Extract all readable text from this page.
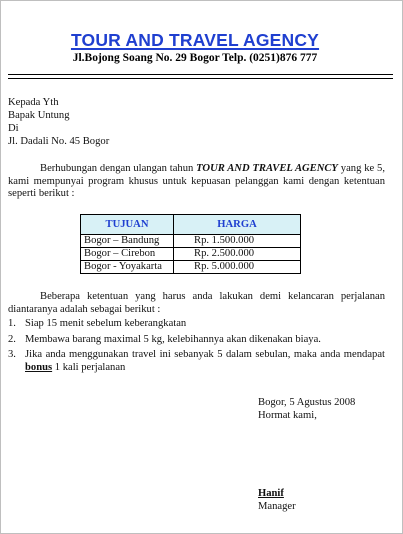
TOUR AND TRAVEL AGENCY
Jl.Bojong Soang No. 29 Bogor Telp. (0251)876 777
Kepada Yth
Bapak Untung
Di
Jl. Dadali No. 45 Bogor
Berhubungan dengan ulangan tahun TOUR AND TRAVEL AGENCY yang ke 5, kami mempunyai program khusus untuk kepuasan pelanggan kami dengan ketentuan seperti berikut :
TUJUAN	HARGA
Bogor – Bandung	Rp. 1.500.000
Bogor – Cirebon	Rp. 2.500.000
Bogor - Yoyakarta	Rp. 5.000.000
Beberapa ketentuan yang harus anda lakukan demi kelancaran perjalanan diantaranya adalah sebagai berikut :
1. Siap 15 menit sebelum keberangkatan
2. Membawa barang maximal 5 kg, kelebihannya akan dikenakan biaya.
3. Jika anda menggunakan travel ini sebanyak 5 dalam sebulan, maka anda mendapat bonus 1 kali perjalanan
Bogor, 5 Agustus 2008
Hormat kami,
Hanif
Manager
